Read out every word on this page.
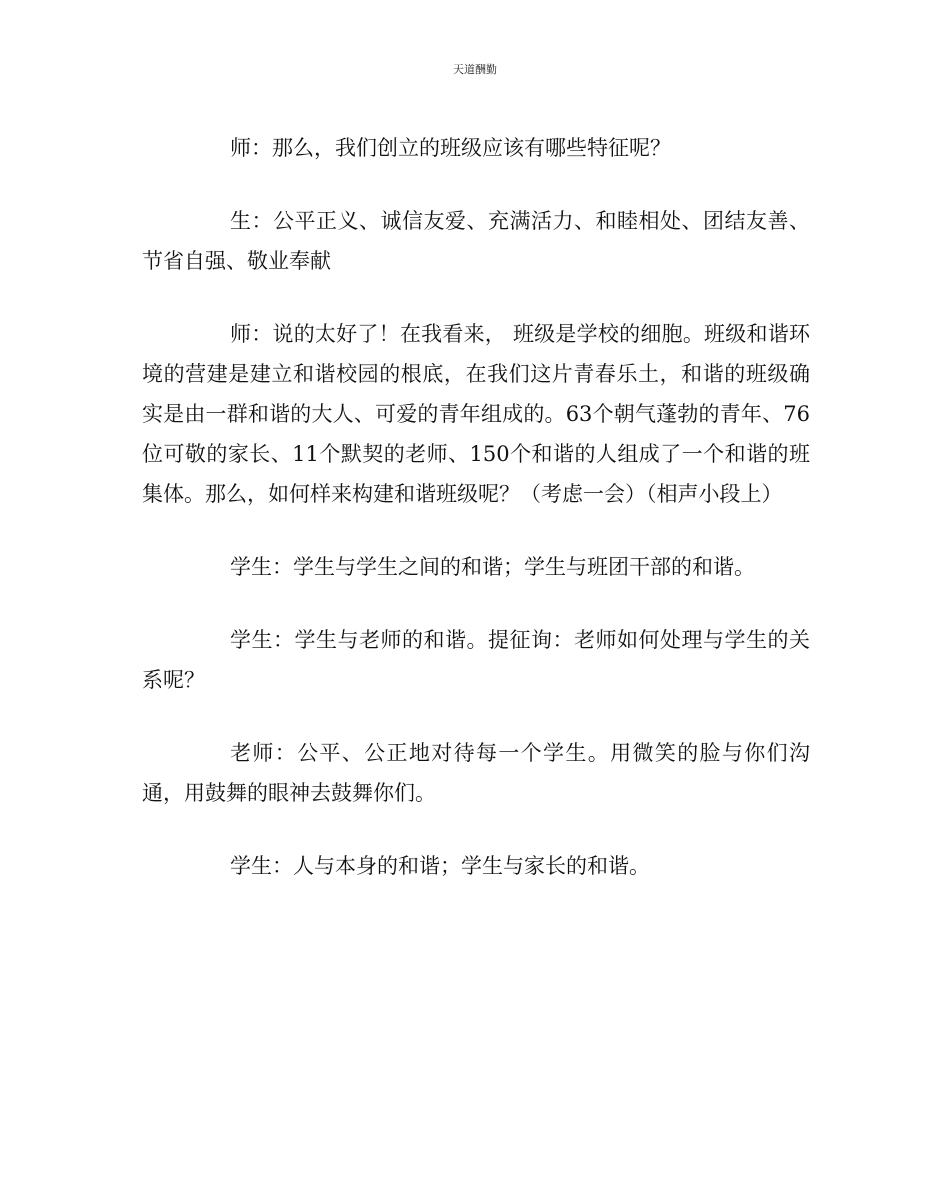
天道酬勤

师：那么，我们创立的班级应该有哪些特征呢？

生：公平正义、诚信友爱、充满活力、和睦相处、团结友善、节省自强、敬业奉献

师：说的太好了！在我看来， 班级是学校的细胞。班级和谐环境的营建是建立和谐校园的根底，在我们这片青春乐土，和谐的班级确实是由一群和谐的大人、可爱的青年组成的。63个朝气蓬勃的青年、76位可敬的家长、11个默契的老师、150个和谐的人组成了一个和谐的班集体。那么，如何样来构建和谐班级呢？（考虑一会）（相声小段上）

学生：学生与学生之间的和谐；学生与班团干部的和谐。

学生：学生与老师的和谐。提征询：老师如何处理与学生的关系呢？

老师：公平、公正地对待每一个学生。用微笑的脸与你们沟通，用鼓舞的眼神去鼓舞你们。

学生：人与本身的和谐；学生与家长的和谐。
